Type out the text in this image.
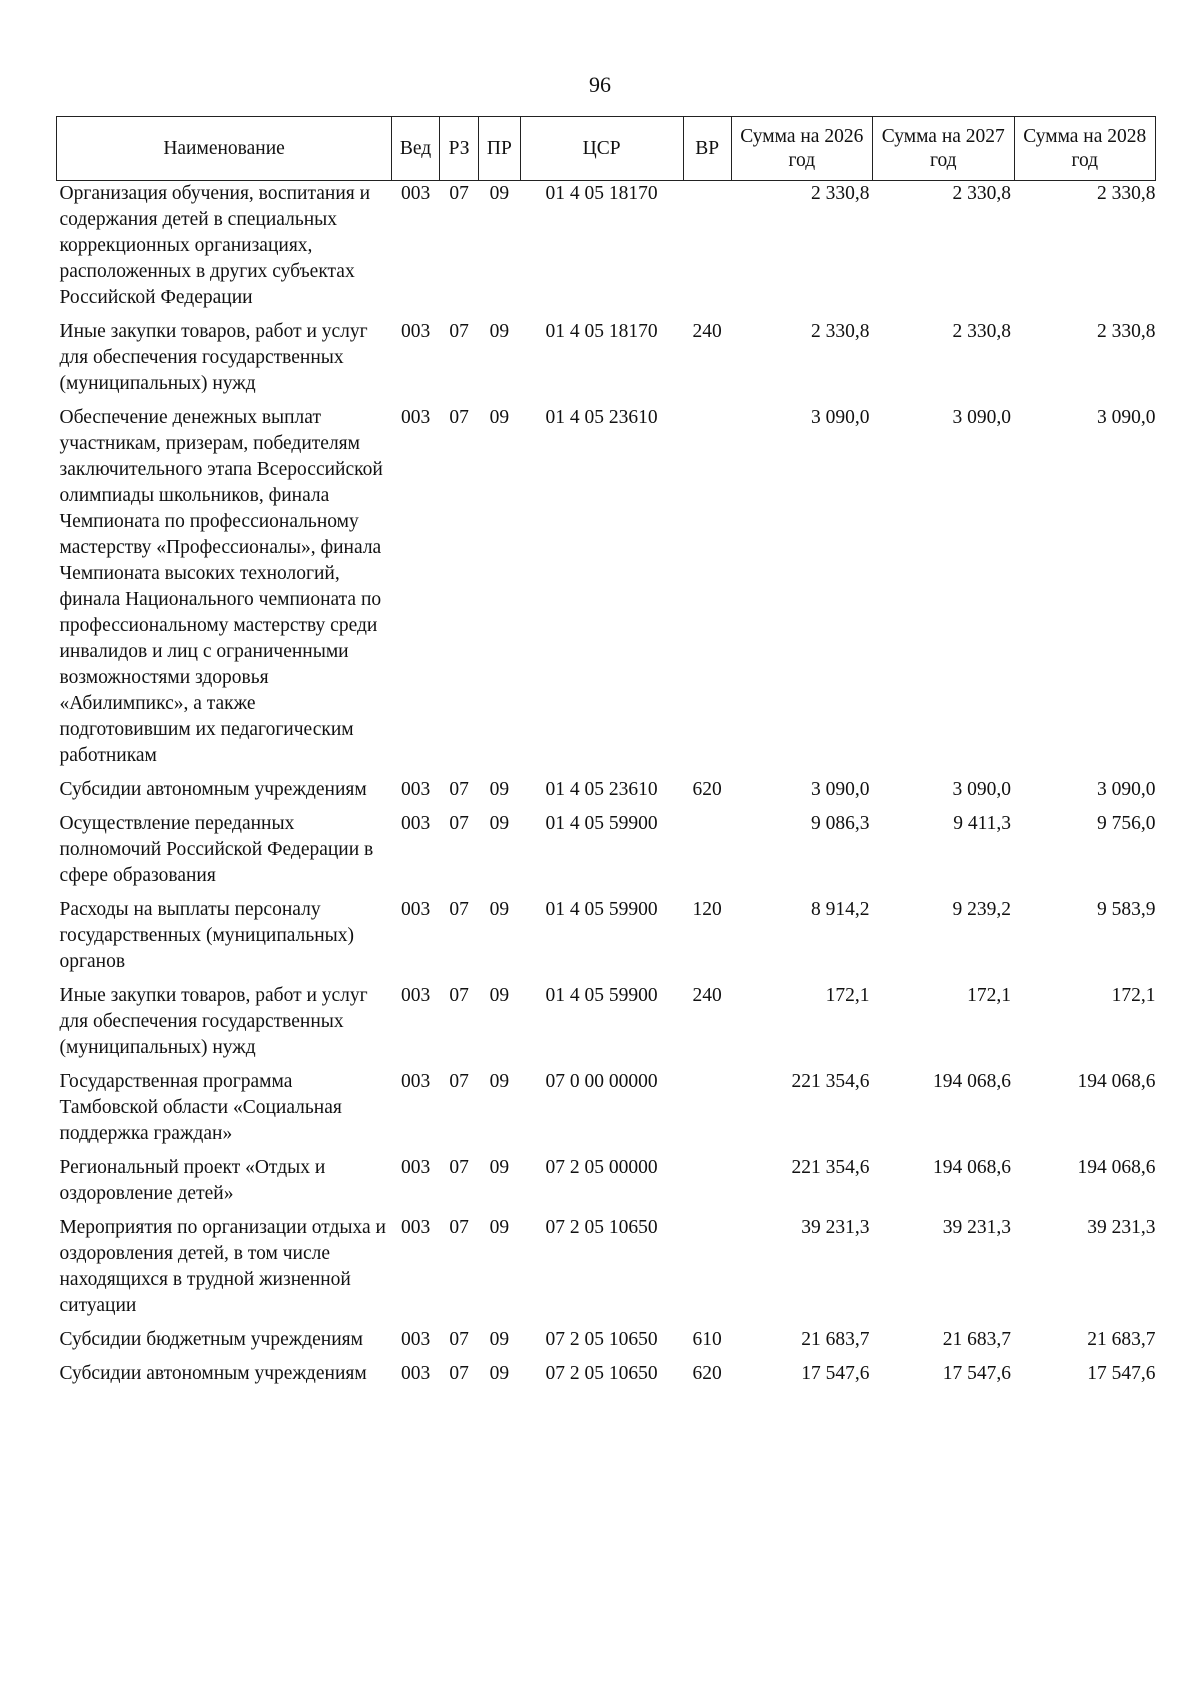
96
Наименование	Вед	РЗ	ПР	ЦСР	ВР	Сумма на 2026 год	Сумма на 2027 год	Сумма на 2028 год
Организация обучения, воспитания и содержания детей в специальных коррекционных организациях, расположенных в других субъектах Российской Федерации	003	07	09	01 4 05 18170		2 330,8	2 330,8	2 330,8
Иные закупки товаров, работ и услуг для обеспечения государственных (муниципальных) нужд	003	07	09	01 4 05 18170	240	2 330,8	2 330,8	2 330,8
Обеспечение денежных выплат участникам, призерам, победителям заключительного этапа Всероссийской олимпиады школьников, финала Чемпионата по профессиональному мастерству «Профессионалы», финала Чемпионата высоких технологий, финала Национального чемпионата по профессиональному мастерству среди инвалидов и лиц с ограниченными возможностями здоровья «Абилимпикс», а также подготовившим их педагогическим работникам	003	07	09	01 4 05 23610		3 090,0	3 090,0	3 090,0
Субсидии автономным учреждениям	003	07	09	01 4 05 23610	620	3 090,0	3 090,0	3 090,0
Осуществление переданных полномочий Российской Федерации в сфере образования	003	07	09	01 4 05 59900		9 086,3	9 411,3	9 756,0
Расходы на выплаты персоналу государственных (муниципальных) органов	003	07	09	01 4 05 59900	120	8 914,2	9 239,2	9 583,9
Иные закупки товаров, работ и услуг для обеспечения государственных (муниципальных) нужд	003	07	09	01 4 05 59900	240	172,1	172,1	172,1
Государственная программа Тамбовской области «Социальная поддержка граждан»	003	07	09	07 0 00 00000		221 354,6	194 068,6	194 068,6
Региональный проект «Отдых и оздоровление детей»	003	07	09	07 2 05 00000		221 354,6	194 068,6	194 068,6
Мероприятия по организации отдыха и оздоровления детей, в том числе находящихся в трудной жизненной ситуации	003	07	09	07 2 05 10650		39 231,3	39 231,3	39 231,3
Субсидии бюджетным учреждениям	003	07	09	07 2 05 10650	610	21 683,7	21 683,7	21 683,7
Субсидии автономным учреждениям	003	07	09	07 2 05 10650	620	17 547,6	17 547,6	17 547,6
